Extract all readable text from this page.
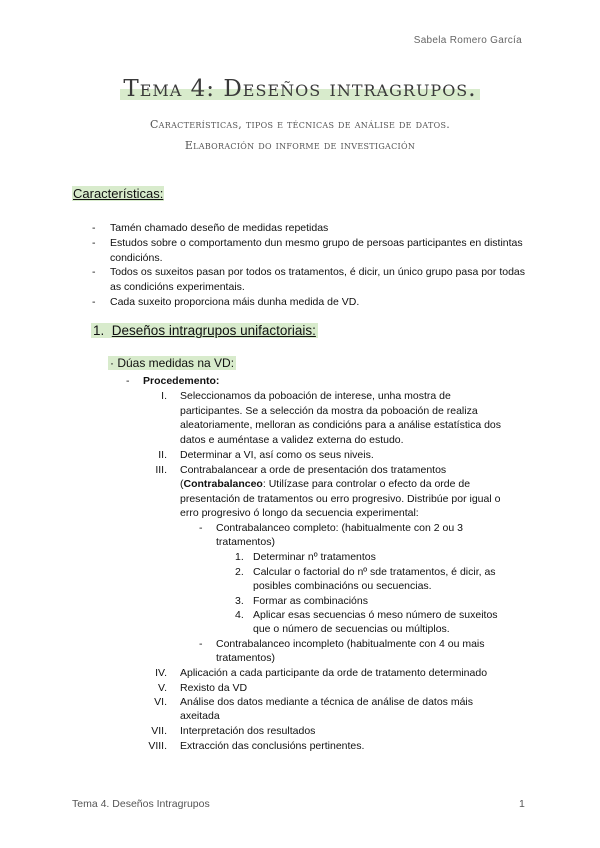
Sabela Romero García
Tema 4: Deseños intragrupos.
Características, tipos e técnicas de análise de datos.
Elaboración do informe de investigación
Características:
- Tamén chamado deseño de medidas repetidas
- Estudos sobre o comportamento dun mesmo grupo de persoas participantes en distintas condicións.
- Todos os suxeitos pasan por todos os tratamentos, é dicir, un único grupo pasa por todas as condicións experimentais.
- Cada suxeito proporciona máis dunha medida de VD.
1. Deseños intragrupos unifactoriais:
· Dúas medidas na VD:
- Procedemento:
I. Seleccionamos da poboación de interese, unha mostra de
participantes. Se a selección da mostra da poboación de realiza
aleatoriamente, melloran as condicións para a análise estatística dos
datos e auméntase a validez externa do estudo.
II. Determinar a VI, así como os seus niveis.
III. Contrabalancear a orde de presentación dos tratamentos
(Contrabalanceo: Utilízase para controlar o efecto da orde de
presentación de tratamentos ou erro progresivo. Distribúe por igual o
erro progresivo ó longo da secuencia experimental:
- Contrabalanceo completo: (habitualmente con 2 ou 3
tratamentos)
1. Determinar nº tratamentos
2. Calcular o factorial do nº sde tratamentos, é dicir, as
posibles combinacións ou secuencias.
3. Formar as combinacións
4. Aplicar esas secuencias ó meso número de suxeitos
que o número de secuencias ou múltiplos.
- Contrabalanceo incompleto (habitualmente con 4 ou mais
tratamentos)
IV. Aplicación a cada participante da orde de tratamento determinado
V. Rexisto da VD
VI. Análise dos datos mediante a técnica de análise de datos máis
axeitada
VII. Interpretación dos resultados
VIII. Extracción das conclusións pertinentes.
Tema 4. Deseños Intragrupos	1
